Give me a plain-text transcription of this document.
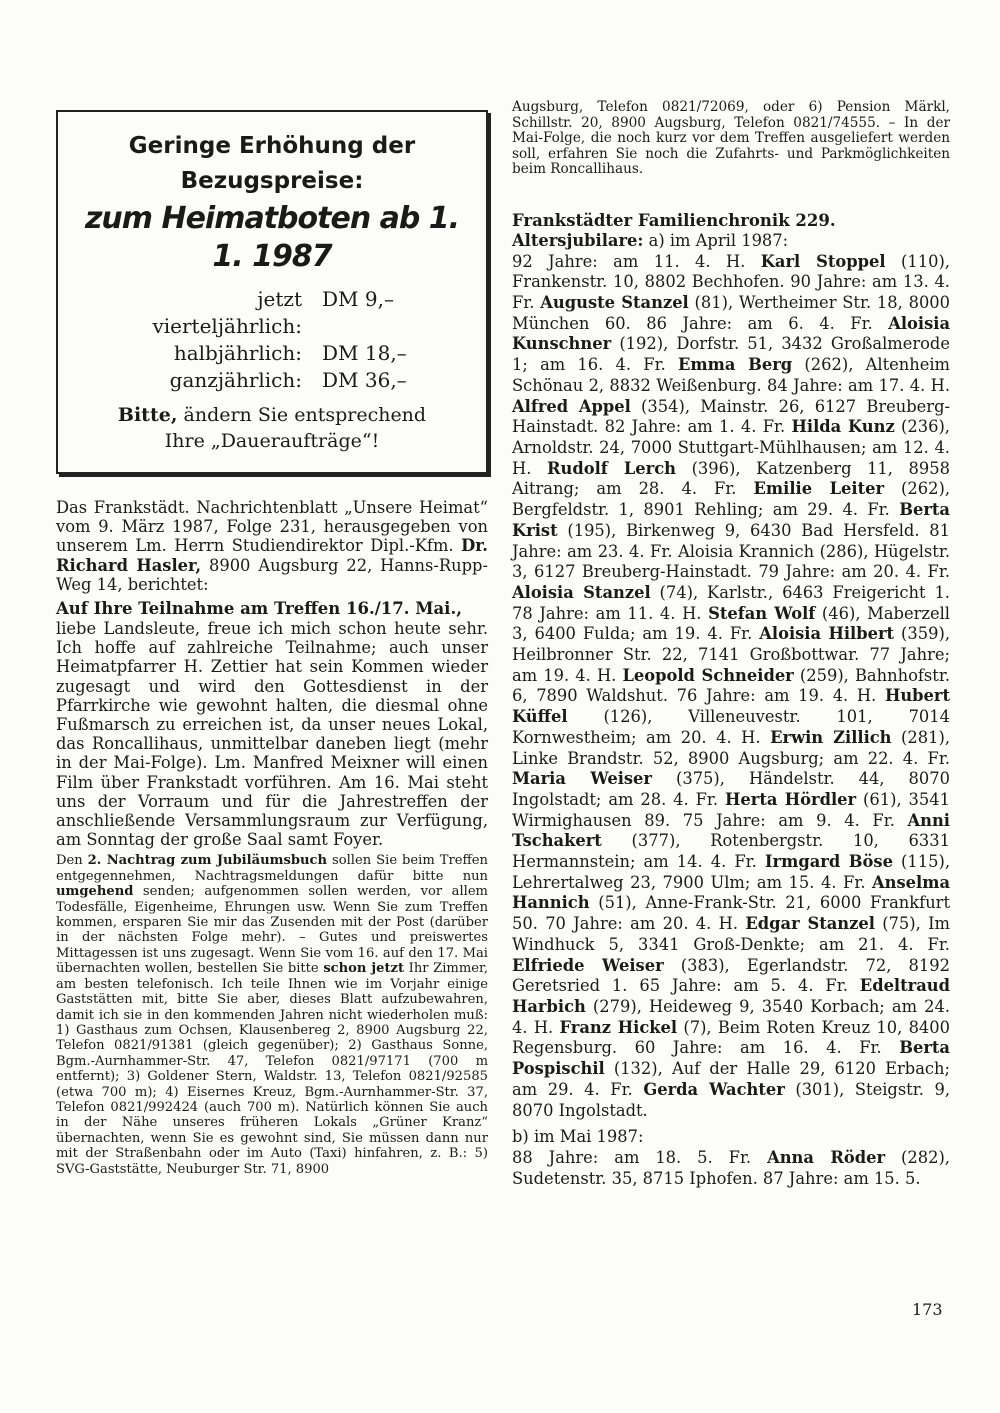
Geringe Erhöhung der
Bezugspreise:
zum Heimatboten ab 1. 1. 1987
jetzt vierteljährlich:
DM 9,–
halbjährlich:	DM 18,–
ganzjährlich:	DM 36,–
Bitte, ändern Sie entsprechend
Ihre „Daueraufträge“!

Das Frankstädt. Nachrichtenblatt „Unsere Heimat“ vom 9. März 1987, Folge 231, herausgegeben von unserem Lm. Herrn Studiendirektor Dipl.-Kfm. Dr. Richard Hasler, 8900 Augsburg 22, Hanns-Rupp-Weg 14, berichtet:

Auf Ihre Teilnahme am Treffen 16./17. Mai.,

liebe Landsleute, freue ich mich schon heute sehr. Ich hoffe auf zahlreiche Teilnahme; auch unser Heimatpfarrer H. Zettier hat sein Kommen wieder zugesagt und wird den Gottesdienst in der Pfarrkirche wie gewohnt halten, die diesmal ohne Fußmarsch zu erreichen ist, da unser neues Lokal, das Roncallihaus, unmittelbar daneben liegt (mehr in der Mai-Folge). Lm. Manfred Meixner will einen Film über Frankstadt vorführen. Am 16. Mai steht uns der Vorraum und für die Jahrestreffen der anschließende Versammlungsraum zur Verfügung, am Sonntag der große Saal samt Foyer.

Den 2. Nachtrag zum Jubiläumsbuch sollen Sie beim Treffen entgegennehmen, Nachtragsmeldungen dafür bitte nun umgehend senden; aufgenommen sollen werden, vor allem Todesfälle, Eigenheime, Ehrungen usw. Wenn Sie zum Treffen kommen, ersparen Sie mir das Zusenden mit der Post (darüber in der nächsten Folge mehr). – Gutes und preiswertes Mittagessen ist uns zugesagt. Wenn Sie vom 16. auf den 17. Mai übernachten wollen, bestellen Sie bitte schon jetzt Ihr Zimmer, am besten telefonisch. Ich teile Ihnen wie im Vorjahr einige Gaststätten mit, bitte Sie aber, dieses Blatt aufzubewahren, damit ich sie in den kommenden Jahren nicht wiederholen muß: 1) Gasthaus zum Ochsen, Klausenbereg 2, 8900 Augsburg 22, Telefon 0821/91381 (gleich gegenüber); 2) Gasthaus Sonne, Bgm.-Aurnhammer-Str. 47, Telefon 0821/97171 (700 m entfernt); 3) Goldener Stern, Waldstr. 13, Telefon 0821/92585 (etwa 700 m); 4) Eisernes Kreuz, Bgm.-Aurnhammer-Str. 37, Telefon 0821/992424 (auch 700 m). Natürlich können Sie auch in der Nähe unseres früheren Lokals „Grüner Kranz“ übernachten, wenn Sie es gewohnt sind, Sie müssen dann nur mit der Straßenbahn oder im Auto (Taxi) hinfahren, z. B.: 5) SVG-Gaststätte, Neuburger Str. 71, 8900

Augsburg, Telefon 0821/72069, oder 6) Pension Märkl, Schillstr. 20, 8900 Augsburg, Telefon 0821/74555. – In der Mai-Folge, die noch kurz vor dem Treffen ausgeliefert werden soll, erfahren Sie noch die Zufahrts- und Parkmöglichkeiten beim Roncallihaus.

Frankstädter Familienchronik 229.

Altersjubilare: a) im April 1987:

92 Jahre: am 11. 4. H. Karl Stoppel (110), Frankenstr. 10, 8802 Bechhofen. 90 Jahre: am 13. 4. Fr. Auguste Stanzel (81), Wertheimer Str. 18, 8000 München 60. 86 Jahre: am 6. 4. Fr. Aloisia Kunschner (192), Dorfstr. 51, 3432 Großalmerode 1; am 16. 4. Fr. Emma Berg (262), Altenheim Schönau 2, 8832 Weißenburg. 84 Jahre: am 17. 4. H. Alfred Appel (354), Mainstr. 26, 6127 Breuberg-Hainstadt. 82 Jahre: am 1. 4. Fr. Hilda Kunz (236), Arnoldstr. 24, 7000 Stuttgart-Mühlhausen; am 12. 4. H. Rudolf Lerch (396), Katzenberg 11, 8958 Aitrang; am 28. 4. Fr. Emilie Leiter (262), Bergfeldstr. 1, 8901 Rehling; am 29. 4. Fr. Berta Krist (195), Birkenweg 9, 6430 Bad Hersfeld. 81 Jahre: am 23. 4. Fr. Aloisia Krannich (286), Hügelstr. 3, 6127 Breuberg-Hainstadt. 79 Jahre: am 20. 4. Fr. Aloisia Stanzel (74), Karlstr., 6463 Freigericht 1. 78 Jahre: am 11. 4. H. Stefan Wolf (46), Maberzell 3, 6400 Fulda; am 19. 4. Fr. Aloisia Hilbert (359), Heilbronner Str. 22, 7141 Großbottwar. 77 Jahre; am 19. 4. H. Leopold Schneider (259), Bahnhofstr. 6, 7890 Waldshut. 76 Jahre: am 19. 4. H. Hubert Küffel (126), Villeneuvestr. 101, 7014 Kornwestheim; am 20. 4. H. Erwin Zillich (281), Linke Brandstr. 52, 8900 Augsburg; am 22. 4. Fr. Maria Weiser (375), Händelstr. 44, 8070 Ingolstadt; am 28. 4. Fr. Herta Hördler (61), 3541 Wirmighausen 89. 75 Jahre: am 9. 4. Fr. Anni Tschakert (377), Rotenbergstr. 10, 6331 Hermannstein; am 14. 4. Fr. Irmgard Böse (115), Lehrertalweg 23, 7900 Ulm; am 15. 4. Fr. Anselma Hannich (51), Anne-Frank-Str. 21, 6000 Frankfurt 50. 70 Jahre: am 20. 4. H. Edgar Stanzel (75), Im Windhuck 5, 3341 Groß-Denkte; am 21. 4. Fr. Elfriede Weiser (383), Egerlandstr. 72, 8192 Geretsried 1. 65 Jahre: am 5. 4. Fr. Edeltraud Harbich (279), Heideweg 9, 3540 Korbach; am 24. 4. H. Franz Hickel (7), Beim Roten Kreuz 10, 8400 Regensburg. 60 Jahre: am 16. 4. Fr. Berta Pospischil (132), Auf der Halle 29, 6120 Erbach; am 29. 4. Fr. Gerda Wachter (301), Steigstr. 9, 8070 Ingolstadt.

b) im Mai 1987:

88 Jahre: am 18. 5. Fr. Anna Röder (282), Sudetenstr. 35, 8715 Iphofen. 87 Jahre: am 15. 5.

173
